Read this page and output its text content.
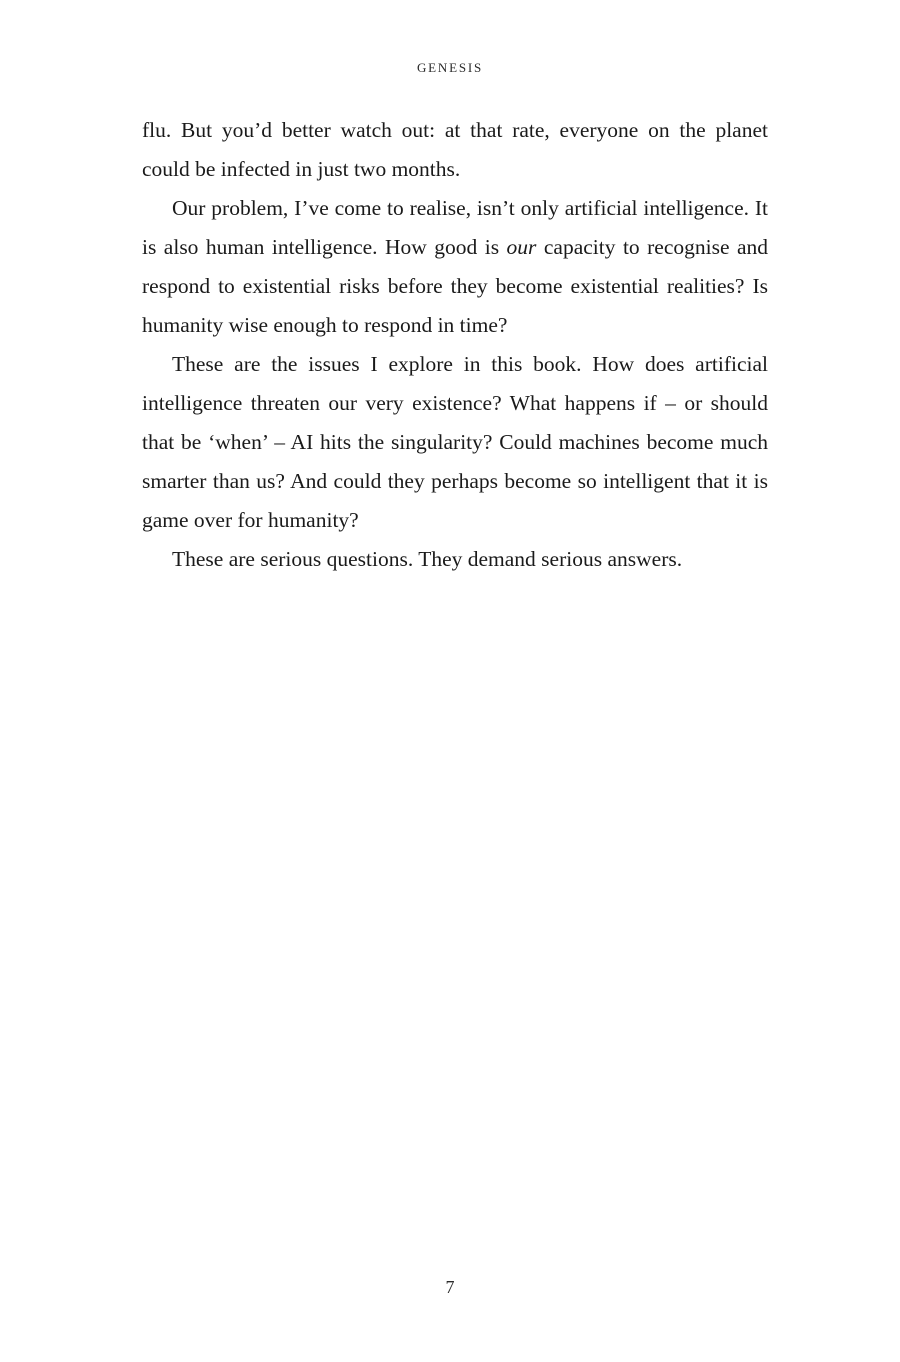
GENESIS

flu. But you’d better watch out: at that rate, everyone on the planet could be infected in just two months.

Our problem, I’ve come to realise, isn’t only artificial intelligence. It is also human intelligence. How good is our capacity to recognise and respond to existential risks before they become existential realities? Is humanity wise enough to respond in time?

These are the issues I explore in this book. How does artificial intelligence threaten our very existence? What happens if – or should that be ‘when’ – AI hits the singularity? Could machines become much smarter than us? And could they perhaps become so intelligent that it is game over for humanity?

These are serious questions. They demand serious answers.

7
